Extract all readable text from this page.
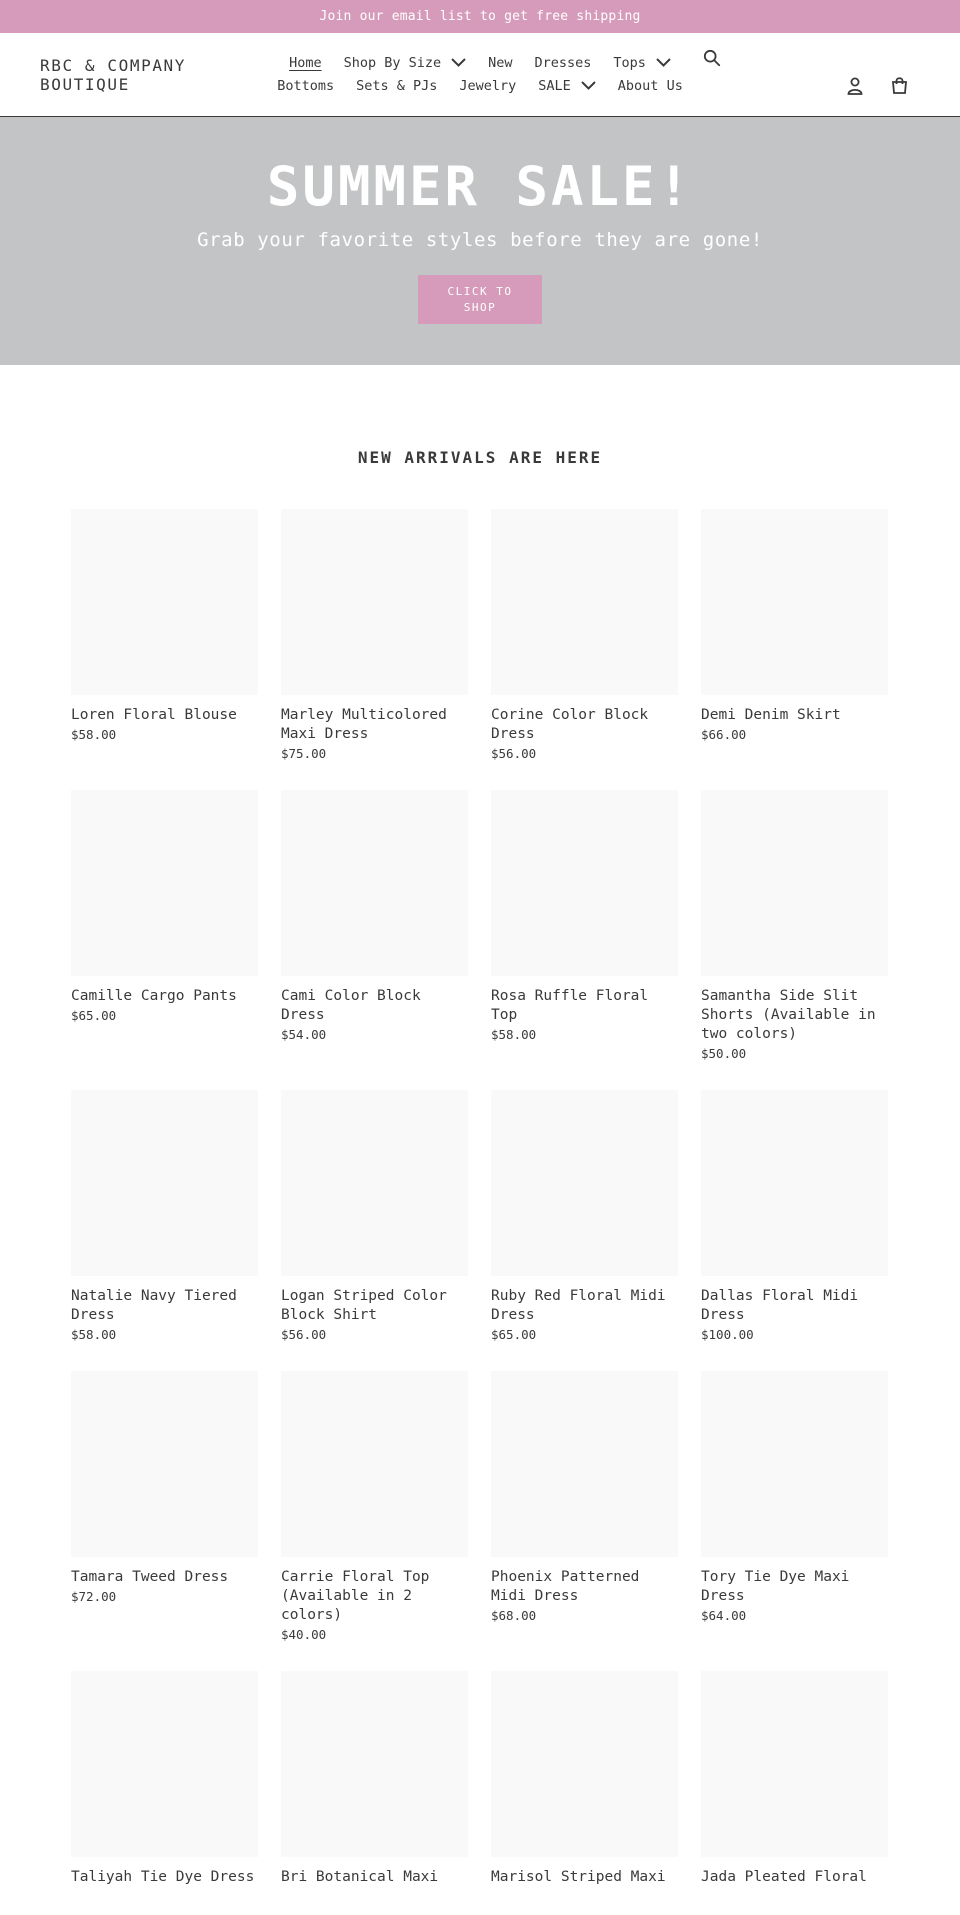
Join our email list to get free shipping
RBC & COMPANY BOUTIQUE
Home Shop By Size	New Dresses Tops
Bottoms Sets & PJs Jewelry SALE	About Us
SUMMER SALE!

Grab your favorite styles before they are gone!

CLICK TO SHOP
NEW ARRIVALS ARE HERE
Loren Floral Blouse
$58.00
Marley Multicolored Maxi Dress
$75.00
Corine Color Block Dress
$56.00
Demi Denim Skirt
$66.00
Camille Cargo Pants
$65.00
Cami Color Block Dress
$54.00
Rosa Ruffle Floral Top
$58.00
Samantha Side Slit Shorts (Available in two colors)
$50.00
Natalie Navy Tiered Dress
$58.00
Logan Striped Color Block Shirt
$56.00
Ruby Red Floral Midi Dress
$65.00
Dallas Floral Midi Dress
$100.00
Tamara Tweed Dress
$72.00
Carrie Floral Top (Available in 2 colors)
$40.00
Phoenix Patterned Midi Dress
$68.00
Tory Tie Dye Maxi Dress
$64.00
Taliyah Tie Dye Dress Bri Botanical Maxi	Marisol Striped Maxi	Jada Pleated Floral
